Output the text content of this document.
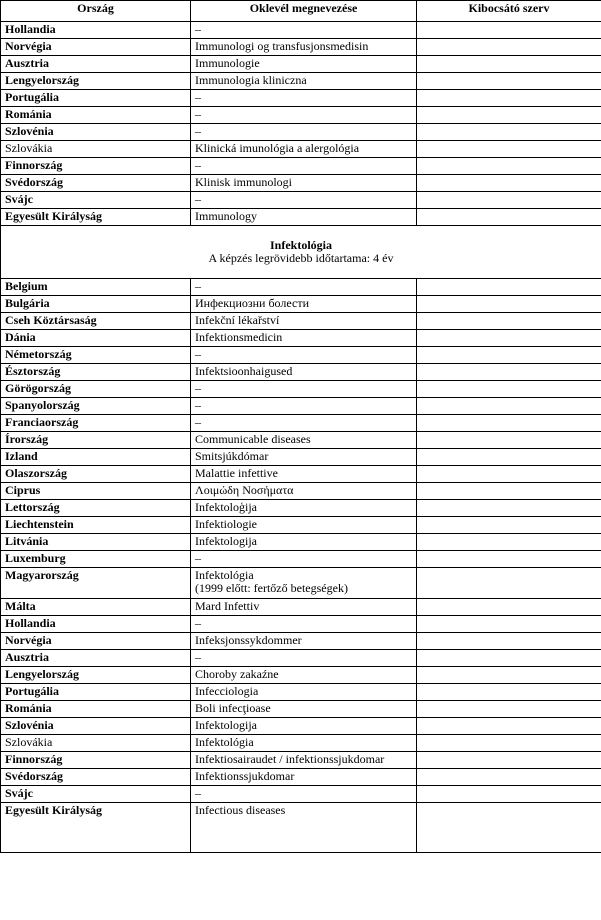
Ország	Oklevél megnevezése	Kibocsátó szerv
Hollandia	–	
Norvégia	Immunologi og transfusjonsmedisin	
Ausztria	Immunologie	
Lengyelország	Immunologia kliniczna	
Portugália	–	
Románia	–	
Szlovénia	–	
Szlovákia	Klinická imunológia a alergológia	
Finnország	–	
Svédország	Klinisk immunologi	
Svájc	–	
Egyesült Királyság	Immunology	

Infektológia
A képzés legrövidebb időtartama: 4 év		

Belgium	–	
Bulgária	Инфекциозни болести	
Cseh Köztársaság	Infekční lékařství	
Dánia	Infektionsmedicin	
Németország	–	
Észtország	Infektsioonhaigused	
Görögország	–	
Spanyolország	–	
Franciaország	–	
Írország	Communicable diseases	
Izland	Smitsjúkdómar	
Olaszország	Malattie infettive	
Ciprus	Λοιμώδη Νοσήματα	
Lettország	Infektoloģija	
Liechtenstein	Infektiologie	
Litvánia	Infektologija	
Luxemburg	–	
Magyarország	Infektológia
(1999 előtt: fertőző betegségek)	

Málta	Mard Infettiv	
Hollandia	–	
Norvégia	Infeksjonssykdommer	
Ausztria	–	
Lengyelország	Choroby zakaźne	
Portugália	Infecciologia	
Románia	Boli infecţioase	
Szlovénia	Infektologija	
Szlovákia	Infektológia	
Finnország	Infektiosairaudet / infektionssjukdomar	
Svédország	Infektionssjukdomar	
Svájc	–	
Egyesült Királyság	Infectious diseases	
